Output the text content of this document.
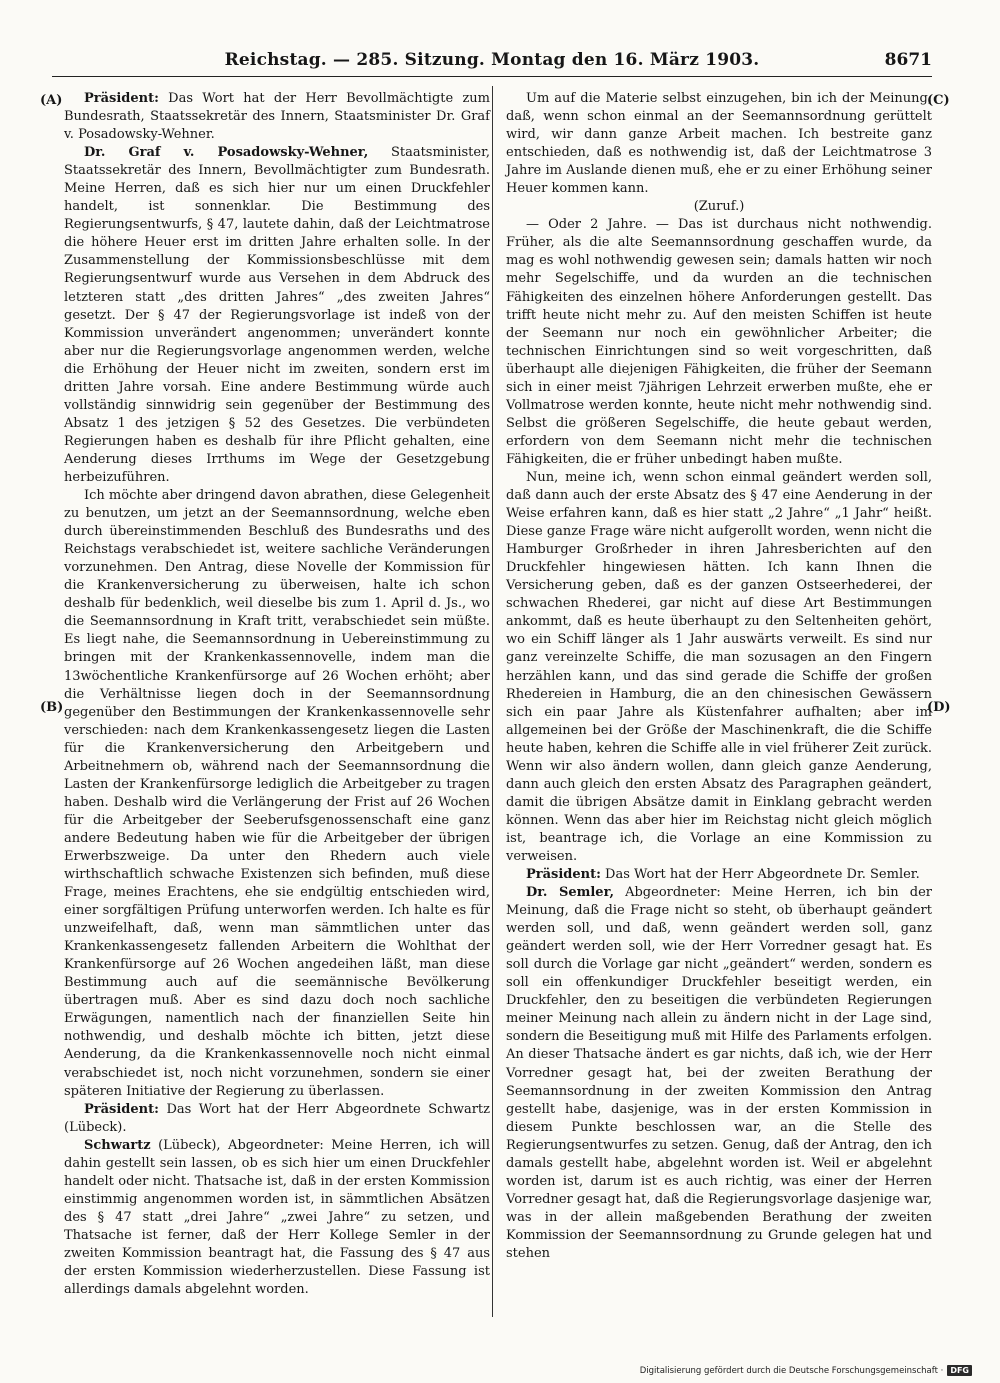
Reichstag. — 285. Sitzung. Montag den 16. März 1903.	8671
(A)
(B)
(C)
(D)

Präsident: Das Wort hat der Herr Bevollmächtigte zum Bundesrath, Staatssekretär des Innern, Staatsminister Dr. Graf v. Posadowsky-Wehner.

Dr. Graf v. Posadowsky-Wehner, Staatsminister, Staatssekretär des Innern, Bevollmächtigter zum Bundesrath. Meine Herren, daß es sich hier nur um einen Druckfehler handelt, ist sonnenklar. Die Bestimmung des Regierungsentwurfs, § 47, lautete dahin, daß der Leichtmatrose die höhere Heuer erst im dritten Jahre erhalten solle. In der Zusammenstellung der Kommissionsbeschlüsse mit dem Regierungsentwurf wurde aus Versehen in dem Abdruck des letzteren statt „des dritten Jahres“ „des zweiten Jahres“ gesetzt. Der § 47 der Regierungsvorlage ist indeß von der Kommission unverändert angenommen; unverändert konnte aber nur die Regierungsvorlage angenommen werden, welche die Erhöhung der Heuer nicht im zweiten, sondern erst im dritten Jahre vorsah. Eine andere Bestimmung würde auch vollständig sinnwidrig sein gegenüber der Bestimmung des Absatz 1 des jetzigen § 52 des Gesetzes. Die verbündeten Regierungen haben es deshalb für ihre Pflicht gehalten, eine Aenderung dieses Irrthums im Wege der Gesetzgebung herbeizuführen.

Ich möchte aber dringend davon abrathen, diese Gelegenheit zu benutzen, um jetzt an der Seemannsordnung, welche eben durch übereinstimmenden Beschluß des Bundesraths und des Reichstags verabschiedet ist, weitere sachliche Veränderungen vorzunehmen. Den Antrag, diese Novelle der Kommission für die Krankenversicherung zu überweisen, halte ich schon deshalb für bedenklich, weil dieselbe bis zum 1. April d. Js., wo die Seemannsordnung in Kraft tritt, verabschiedet sein müßte. Es liegt nahe, die Seemannsordnung in Uebereinstimmung zu bringen mit der Krankenkassennovelle, indem man die 13wöchentliche Krankenfürsorge auf 26 Wochen erhöht; aber die Verhältnisse liegen doch in der Seemannsordnung gegenüber den Bestimmungen der Krankenkassennovelle sehr verschieden: nach dem Krankenkassengesetz liegen die Lasten für die Krankenversicherung den Arbeitgebern und Arbeitnehmern ob, während nach der Seemannsordnung die Lasten der Krankenfürsorge lediglich die Arbeitgeber zu tragen haben. Deshalb wird die Verlängerung der Frist auf 26 Wochen für die Arbeitgeber der Seeberufsgenossenschaft eine ganz andere Bedeutung haben wie für die Arbeitgeber der übrigen Erwerbszweige. Da unter den Rhedern auch viele wirthschaftlich schwache Existenzen sich befinden, muß diese Frage, meines Erachtens, ehe sie endgültig entschieden wird, einer sorgfältigen Prüfung unterworfen werden. Ich halte es für unzweifelhaft, daß, wenn man sämmtlichen unter das Krankenkassengesetz fallenden Arbeitern die Wohlthat der Krankenfürsorge auf 26 Wochen angedeihen läßt, man diese Bestimmung auch auf die seemännische Bevölkerung übertragen muß. Aber es sind dazu doch noch sachliche Erwägungen, namentlich nach der finanziellen Seite hin nothwendig, und deshalb möchte ich bitten, jetzt diese Aenderung, da die Krankenkassennovelle noch nicht einmal verabschiedet ist, noch nicht vorzunehmen, sondern sie einer späteren Initiative der Regierung zu überlassen.

Präsident: Das Wort hat der Herr Abgeordnete Schwartz (Lübeck).

Schwartz (Lübeck), Abgeordneter: Meine Herren, ich will dahin gestellt sein lassen, ob es sich hier um einen Druckfehler handelt oder nicht. Thatsache ist, daß in der ersten Kommission einstimmig angenommen worden ist, in sämmtlichen Absätzen des § 47 statt „drei Jahre“ „zwei Jahre“ zu setzen, und Thatsache ist ferner, daß der Herr Kollege Semler in der zweiten Kommission beantragt hat, die Fassung des § 47 aus der ersten Kommission wiederherzustellen. Diese Fassung ist allerdings damals abgelehnt worden.

Um auf die Materie selbst einzugehen, bin ich der Meinung, daß, wenn schon einmal an der Seemannsordnung gerüttelt wird, wir dann ganze Arbeit machen. Ich bestreite ganz entschieden, daß es nothwendig ist, daß der Leichtmatrose 3 Jahre im Auslande dienen muß, ehe er zu einer Erhöhung seiner Heuer kommen kann.

(Zuruf.)

— Oder 2 Jahre. — Das ist durchaus nicht nothwendig. Früher, als die alte Seemannsordnung geschaffen wurde, da mag es wohl nothwendig gewesen sein; damals hatten wir noch mehr Segelschiffe, und da wurden an die technischen Fähigkeiten des einzelnen höhere Anforderungen gestellt. Das trifft heute nicht mehr zu. Auf den meisten Schiffen ist heute der Seemann nur noch ein gewöhnlicher Arbeiter; die technischen Einrichtungen sind so weit vorgeschritten, daß überhaupt alle diejenigen Fähigkeiten, die früher der Seemann sich in einer meist 7jährigen Lehrzeit erwerben mußte, ehe er Vollmatrose werden konnte, heute nicht mehr nothwendig sind. Selbst die größeren Segelschiffe, die heute gebaut werden, erfordern von dem Seemann nicht mehr die technischen Fähigkeiten, die er früher unbedingt haben mußte.

Nun, meine ich, wenn schon einmal geändert werden soll, daß dann auch der erste Absatz des § 47 eine Aenderung in der Weise erfahren kann, daß es hier statt „2 Jahre“ „1 Jahr“ heißt. Diese ganze Frage wäre nicht aufgerollt worden, wenn nicht die Hamburger Großrheder in ihren Jahresberichten auf den Druckfehler hingewiesen hätten. Ich kann Ihnen die Versicherung geben, daß es der ganzen Ostseerhederei, der schwachen Rhederei, gar nicht auf diese Art Bestimmungen ankommt, daß es heute überhaupt zu den Seltenheiten gehört, wo ein Schiff länger als 1 Jahr auswärts verweilt. Es sind nur ganz vereinzelte Schiffe, die man sozusagen an den Fingern herzählen kann, und das sind gerade die Schiffe der großen Rhedereien in Hamburg, die an den chinesischen Gewässern sich ein paar Jahre als Küstenfahrer aufhalten; aber im allgemeinen bei der Größe der Maschinenkraft, die die Schiffe heute haben, kehren die Schiffe alle in viel früherer Zeit zurück. Wenn wir also ändern wollen, dann gleich ganze Aenderung, dann auch gleich den ersten Absatz des Paragraphen geändert, damit die übrigen Absätze damit in Einklang gebracht werden können. Wenn das aber hier im Reichstag nicht gleich möglich ist, beantrage ich, die Vorlage an eine Kommission zu verweisen.

Präsident: Das Wort hat der Herr Abgeordnete Dr. Semler.

Dr. Semler, Abgeordneter: Meine Herren, ich bin der Meinung, daß die Frage nicht so steht, ob überhaupt geändert werden soll, und daß, wenn geändert werden soll, ganz geändert werden soll, wie der Herr Vorredner gesagt hat. Es soll durch die Vorlage gar nicht „geändert“ werden, sondern es soll ein offenkundiger Druckfehler beseitigt werden, ein Druckfehler, den zu beseitigen die verbündeten Regierungen meiner Meinung nach allein zu ändern nicht in der Lage sind, sondern die Beseitigung muß mit Hilfe des Parlaments erfolgen. An dieser Thatsache ändert es gar nichts, daß ich, wie der Herr Vorredner gesagt hat, bei der zweiten Berathung der Seemannsordnung in der zweiten Kommission den Antrag gestellt habe, dasjenige, was in der ersten Kommission in diesem Punkte beschlossen war, an die Stelle des Regierungsentwurfes zu setzen. Genug, daß der Antrag, den ich damals gestellt habe, abgelehnt worden ist. Weil er abgelehnt worden ist, darum ist es auch richtig, was einer der Herren Vorredner gesagt hat, daß die Regierungsvorlage dasjenige war, was in der allein maßgebenden Berathung der zweiten Kommission der Seemannsordnung zu Grunde gelegen hat und stehen

Digitalisierung gefördert durch die Deutsche Forschungsgemeinschaft · DFG
